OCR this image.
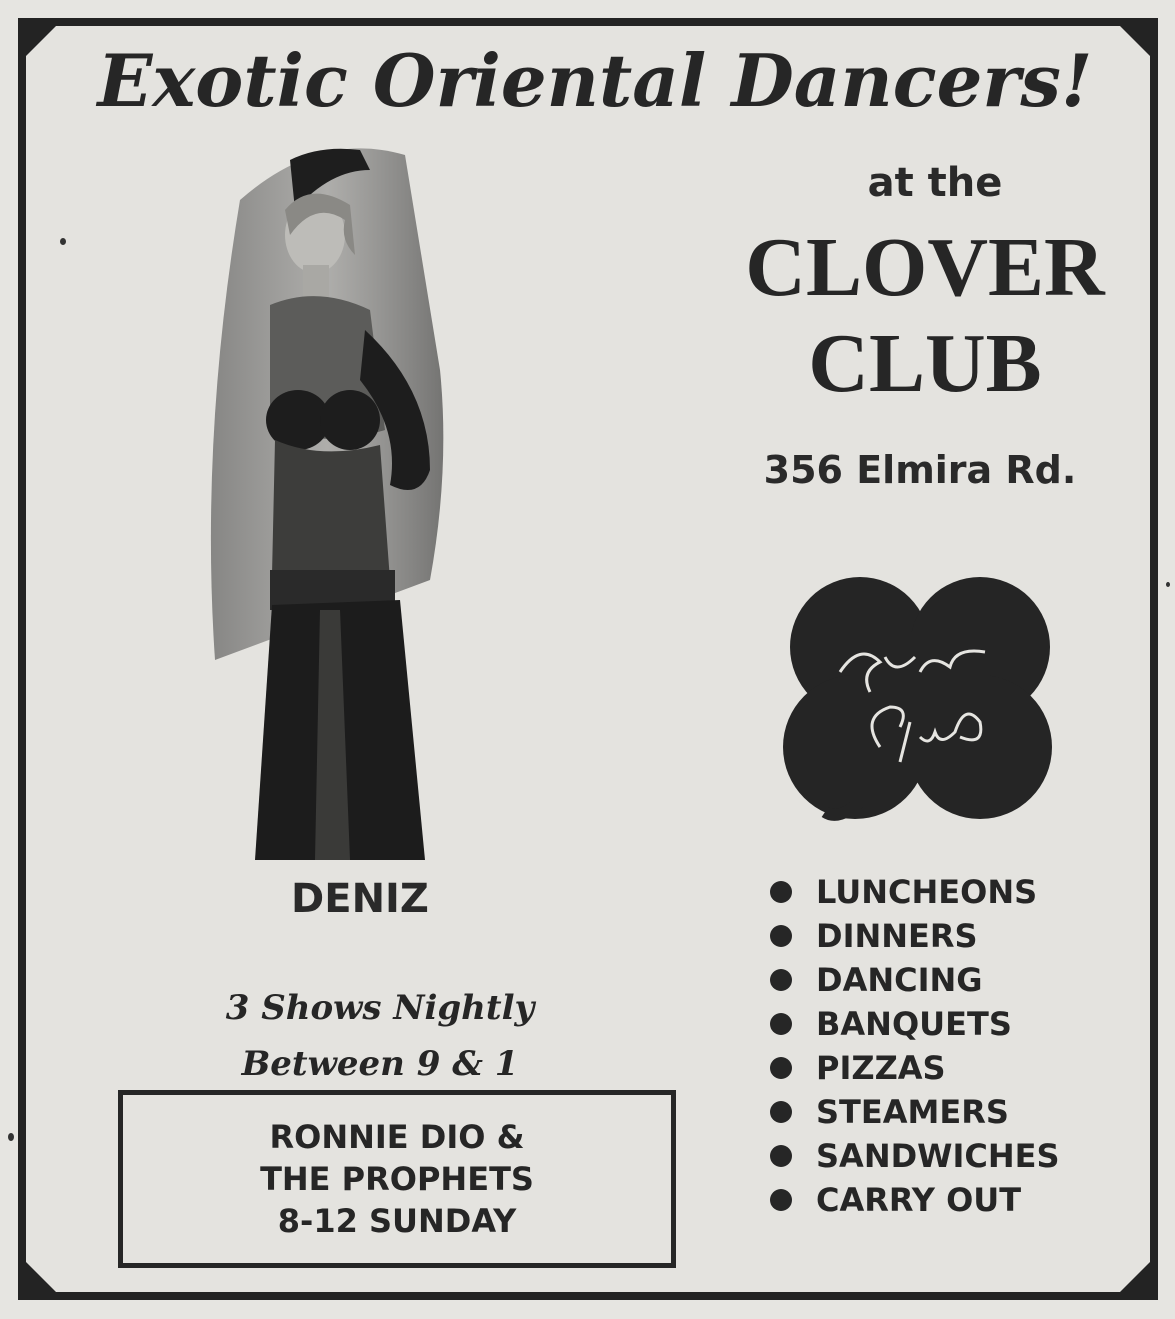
Exotic Oriental Dancers!
at the
CLOVER
CLUB
356 Elmira Rd.
LUNCHEONS
DINNERS
DANCING
BANQUETS
PIZZAS
STEAMERS
SANDWICHES
CARRY OUT
DENIZ
3 Shows Nightly
Between 9 & 1
RONNIE DIO &
THE PROPHETS
8-12 SUNDAY
